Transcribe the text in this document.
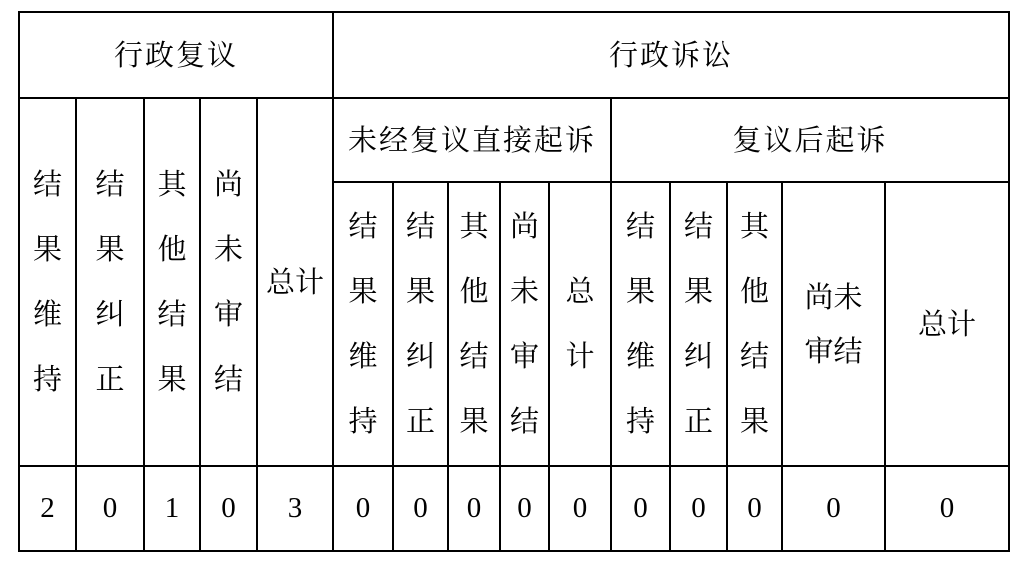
行政复议					行政诉讼									
结果维持	结果纠正	其他结果	尚未审结	总计	未经复议直接起诉					复议后起诉				
					结果维持	结果纠正	其他结果	尚未审结	总计	结果维持	结果纠正	其他结果	尚未审结	总计
2	0	1	0	3	0	0	0	0	0	0	0	0	0	0
